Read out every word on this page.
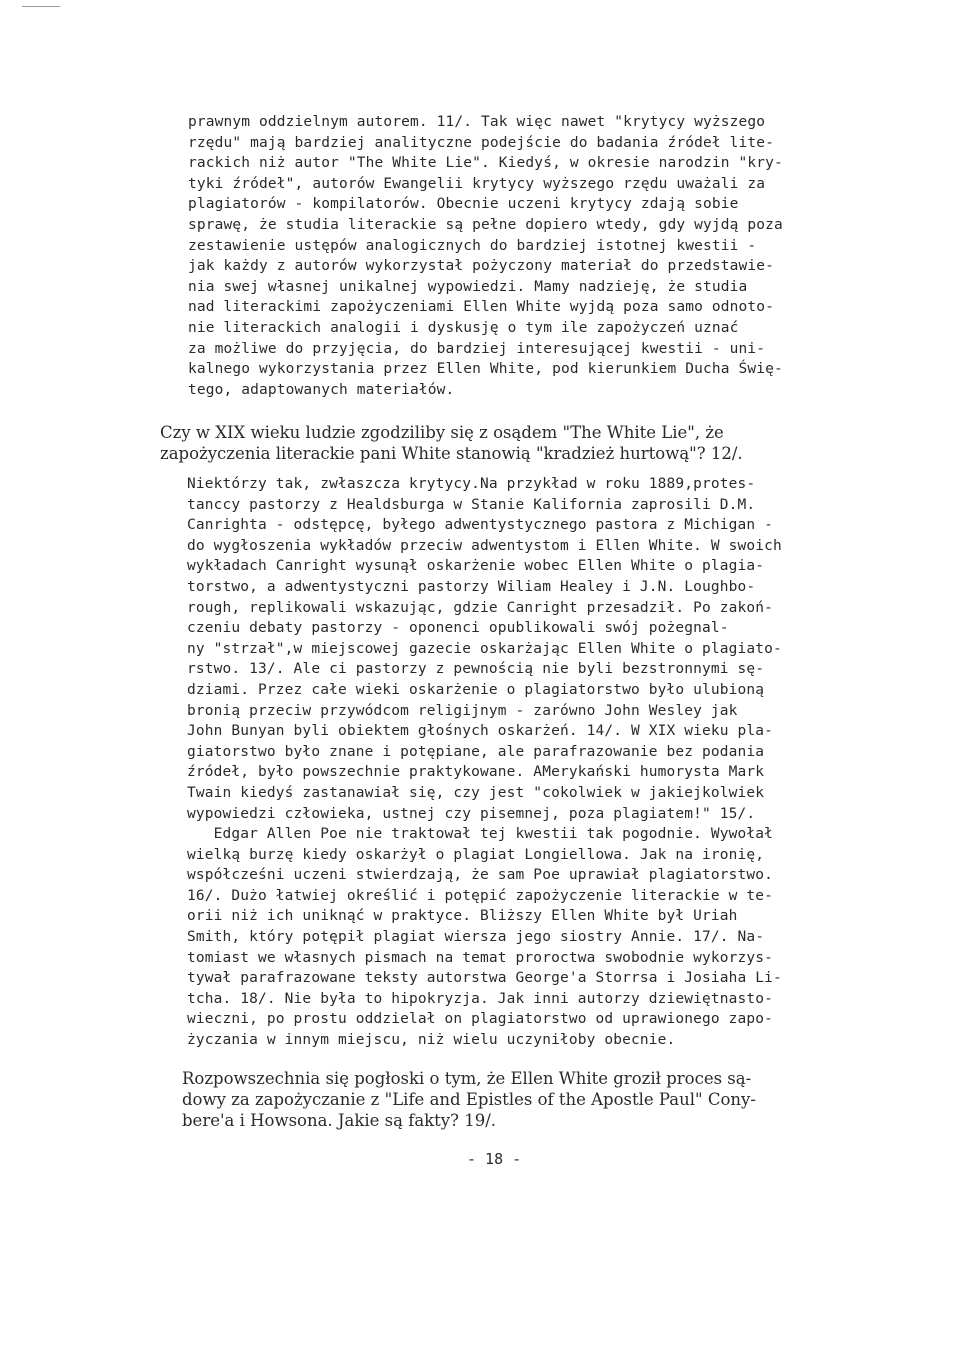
prawnym oddzielnym autorem. 11/. Tak więc nawet "krytycy wyższego
rzędu" mają bardziej analityczne podejście do badania źródeł lite-
rackich niż autor "The White Lie". Kiedyś, w okresie narodzin "kry-
tyki źródeł", autorów Ewangelii krytycy wyższego rzędu uważali za
plagiatorów - kompilatorów. Obecnie uczeni krytycy zdają sobie
sprawę, że studia literackie są pełne dopiero wtedy, gdy wyjdą poza
zestawienie ustępów analogicznych do bardziej istotnej kwestii -
jak każdy z autorów wykorzystał pożyczony materiał do przedstawie-
nia swej własnej unikalnej wypowiedzi. Mamy nadzieję, że studia
nad literackimi zapożyczeniami Ellen White wyjdą poza samo odnoto-
nie literackich analogii i dyskusję o tym ile zapożyczeń uznać
za możliwe do przyjęcia, do bardziej interesującej kwestii - uni-
kalnego wykorzystania przez Ellen White, pod kierunkiem Ducha Świę-
tego, adaptowanych materiałów.
Czy w XIX wieku ludzie zgodziliby się z osądem "The White Lie", że
zapożyczenia literackie pani White stanowią "kradzież hurtową"? 12/.
Niektórzy tak, zwłaszcza krytycy.Na przykład w roku 1889,protes-
tanccy pastorzy z Healdsburga w Stanie Kalifornia zaprosili D.M.
Canrighta - odstępcę, byłego adwentystycznego pastora z Michigan -
do wygłoszenia wykładów przeciw adwentystom i Ellen White. W swoich
wykładach Canright wysunął oskarżenie wobec Ellen White o plagia-
torstwo, a adwentystyczni pastorzy Wiliam Healey i J.N. Loughbo-
rough, replikowali wskazując, gdzie Canright przesadził. Po zakoń-
czeniu debaty pastorzy - oponenci opublikowali swój pożegnal-
ny "strzał",w miejscowej gazecie oskarżając Ellen White o plagiato-
rstwo. 13/. Ale ci pastorzy z pewnością nie byli bezstronnymi sę-
dziami. Przez całe wieki oskarżenie o plagiatorstwo było ulubioną
bronią przeciw przywódcom religijnym - zarówno John Wesley jak
John Bunyan byli obiektem głośnych oskarżeń. 14/. W XIX wieku pla-
giatorstwo było znane i potępiane, ale parafrazowanie bez podania
źródeł, było powszechnie praktykowane. AMerykański humorysta Mark
Twain kiedyś zastanawiał się, czy jest "cokolwiek w jakiejkolwiek
wypowiedzi człowieka, ustnej czy pisemnej, poza plagiatem!" 15/.
Edgar Allen Poe nie traktował tej kwestii tak pogodnie. Wywołał
wielką burzę kiedy oskarżył o plagiat Longiellowa. Jak na ironię,
współcześni uczeni stwierdzają, że sam Poe uprawiał plagiatorstwo.
16/. Dużo łatwiej określić i potępić zapożyczenie literackie w te-
orii niż ich uniknąć w praktyce. Bliższy Ellen White był Uriah
Smith, który potępił plagiat wiersza jego siostry Annie. 17/. Na-
tomiast we własnych pismach na temat proroctwa swobodnie wykorzys-
tywał parafrazowane teksty autorstwa George'a Storrsa i Josiaha Li-
tcha. 18/. Nie była to hipokryzja. Jak inni autorzy dziewiętnasto-
wieczni, po prostu oddzielał on plagiatorstwo od uprawionego zapo-
życzania w innym miejscu, niż wielu uczyniłoby obecnie.
Rozpowszechnia się pogłoski o tym, że Ellen White groził proces są-
dowy za zapożyczanie z "Life and Epistles of the Apostle Paul" Cony-
bere'a i Howsona. Jakie są fakty? 19/.
- 18 -
